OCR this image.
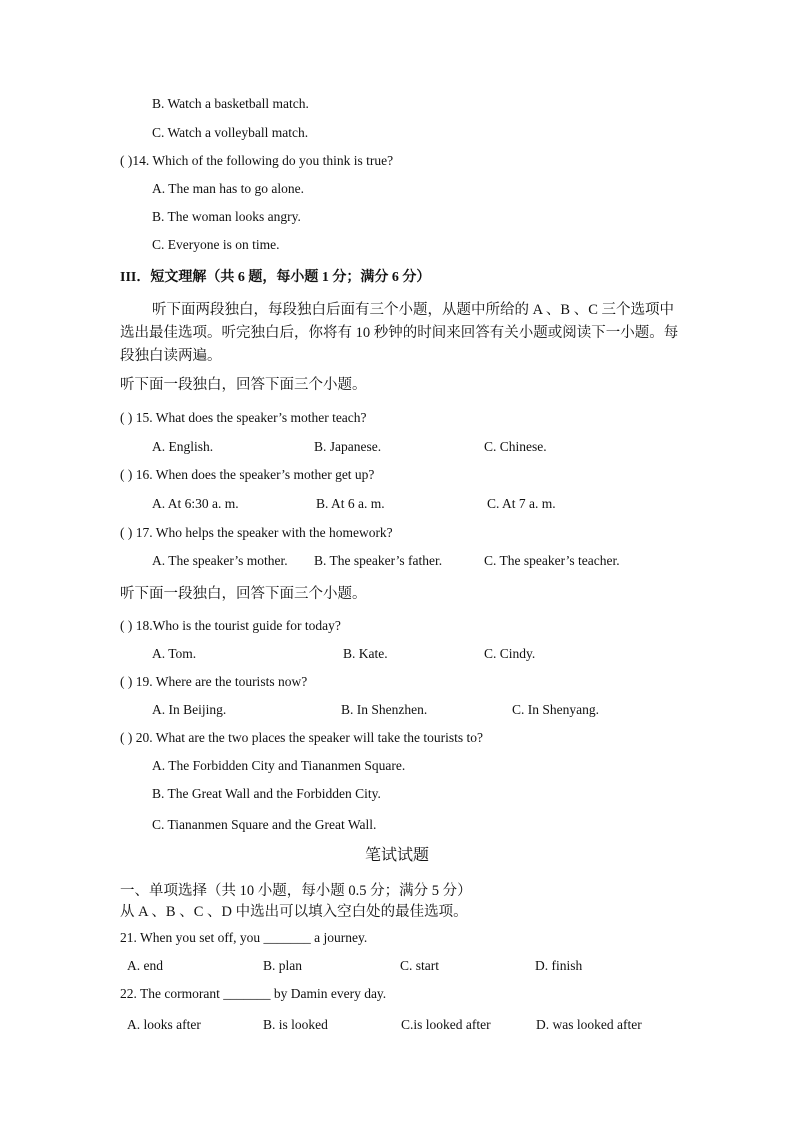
B. Watch a basketball match.
C. Watch a volleyball match.
( )14. Which of the following do you think is true?
A. The man has to go alone.
B. The woman looks angry.
C. Everyone is on time.
III．短文理解（共 6 题，每小题 1 分；满分 6 分）
听下面两段独白，每段独白后面有三个小题，从题中所给的 A 、B 、C 三个选项中选出最佳选项。听完独白后，你将有 10 秒钟的时间来回答有关小题或阅读下一小题。每段独白读两遍。
听下面一段独白，回答下面三个小题。
( ) 15. What does the speaker’s mother teach?
A. English.	B. Japanese.	C. Chinese.
( ) 16. When does the speaker’s mother get up?
A. At 6:30 a. m.	B. At 6 a. m.	C. At 7 a. m.
( ) 17. Who helps the speaker with the homework?
A. The speaker’s mother. B. The speaker’s father.	C. The speaker’s teacher.
听下面一段独白，回答下面三个小题。
( ) 18.Who is the tourist guide for today?
A. Tom.	B. Kate.	C. Cindy.
( ) 19. Where are the tourists now?
A. In Beijing.	B. In Shenzhen.	C. In Shenyang.
( ) 20. What are the two places the speaker will take the tourists to?
A. The Forbidden City and Tiananmen Square.
B. The Great Wall and the Forbidden City.
C. Tiananmen Square and the Great Wall.
笔试试题
一、单项选择（共 10 小题，每小题 0.5 分；满分 5 分）
从 A 、B 、C 、D 中选出可以填入空白处的最佳选项。
21. When you set off, you _______ a journey.
A. end	B. plan	C. start	D. finish
22. The cormorant _______ by Damin every day.
A. looks after	B. is looked	C.is looked after	D. was looked after
